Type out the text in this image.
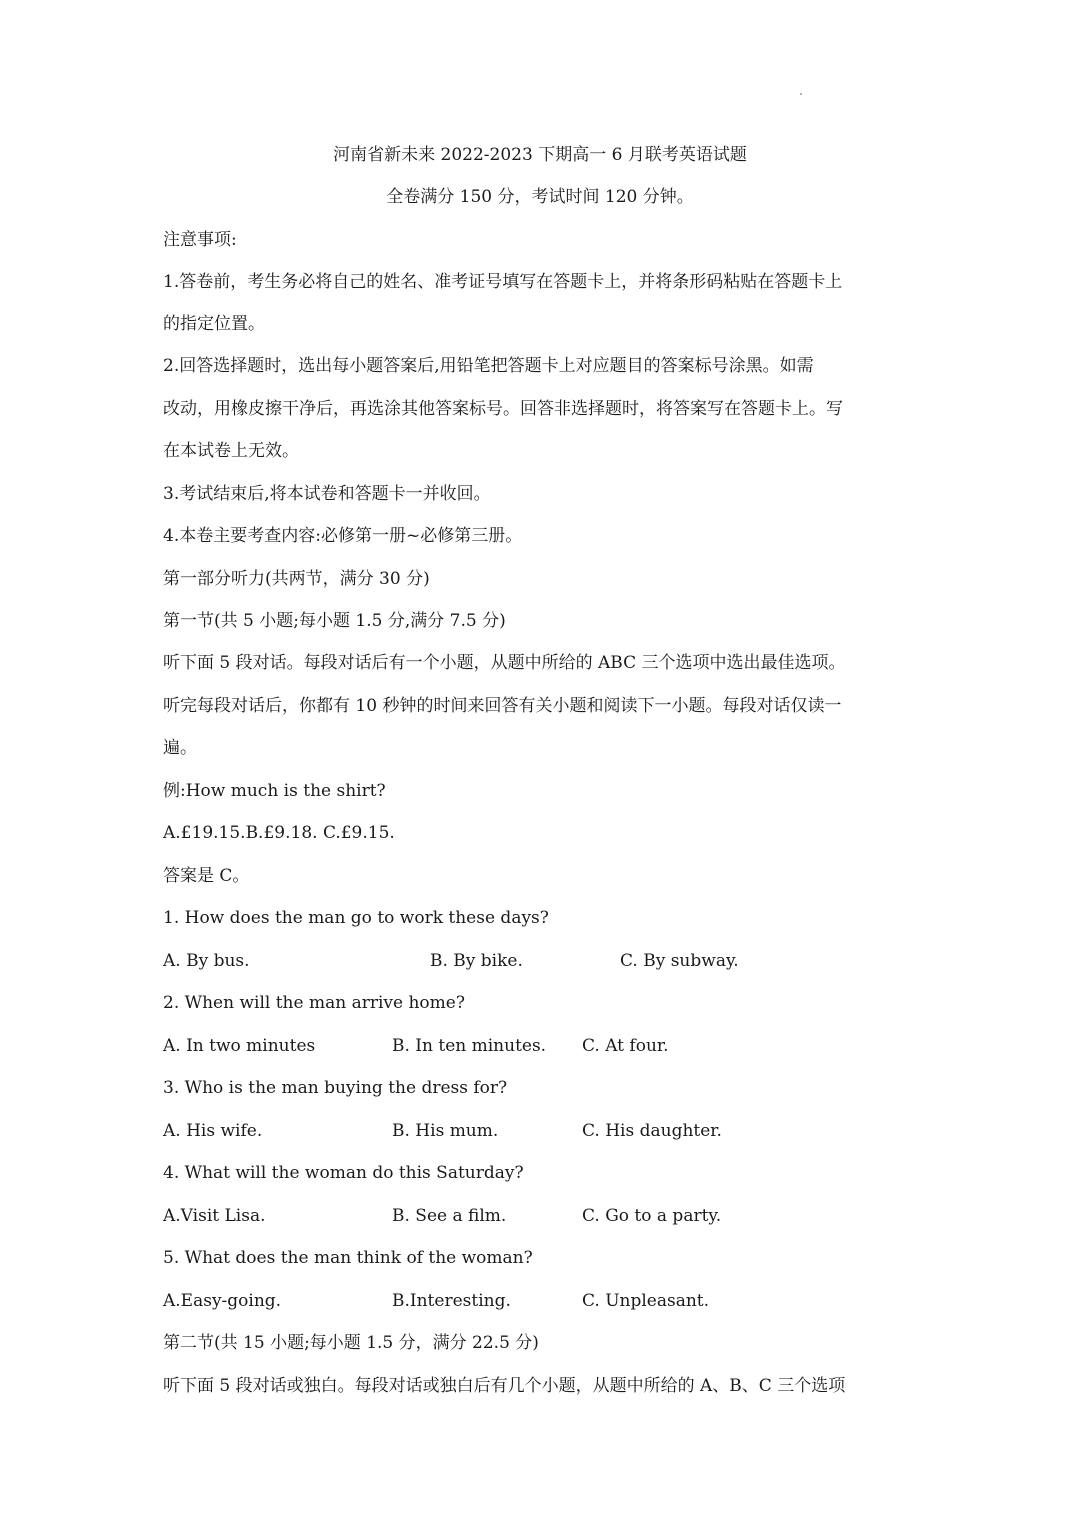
河南省新未来 2022-2023 下期高一 6 月联考英语试题
全卷满分 150 分，考试时间 120 分钟。
注意事项:
1.答卷前，考生务必将自己的姓名、准考证号填写在答题卡上，并将条形码粘贴在答题卡上
的指定位置。
2.回答选择题时，选出每小题答案后,用铅笔把答题卡上对应题目的答案标号涂黑。如需
改动，用橡皮擦干净后，再选涂其他答案标号。回答非选择题时，将答案写在答题卡上。写
在本试卷上无效。
3.考试结束后,将本试卷和答题卡一并收回。
4.本卷主要考查内容:必修第一册~必修第三册。
第一部分听力(共两节，满分 30 分)
第一节(共 5 小题;每小题 1.5 分,满分 7.5 分)
听下面 5 段对话。每段对话后有一个小题，从题中所给的 ABC 三个选项中选出最佳选项。
听完每段对话后，你都有 10 秒钟的时间来回答有关小题和阅读下一小题。每段对话仅读一
遍。
例:How much is the shirt?
A.£19.15.B.£9.18. C.£9.15.
答案是 C。
1. How does the man go to work these days?
A. By bus.	B. By bike.	C. By subway.
2. When will the man arrive home?
A. In two minutes	B. In ten minutes. C. At four.
3. Who is the man buying the dress for?
A. His wife.	B. His mum.	C. His daughter.
4. What will the woman do this Saturday?
A.Visit Lisa.	B. See a film.	C. Go to a party.
5. What does the man think of the woman?
A.Easy-going.	B.Interesting.	C. Unpleasant.
第二节(共 15 小题;每小题 1.5 分，满分 22.5 分)
听下面 5 段对话或独白。每段对话或独白后有几个小题，从题中所给的 A、B、C 三个选项
